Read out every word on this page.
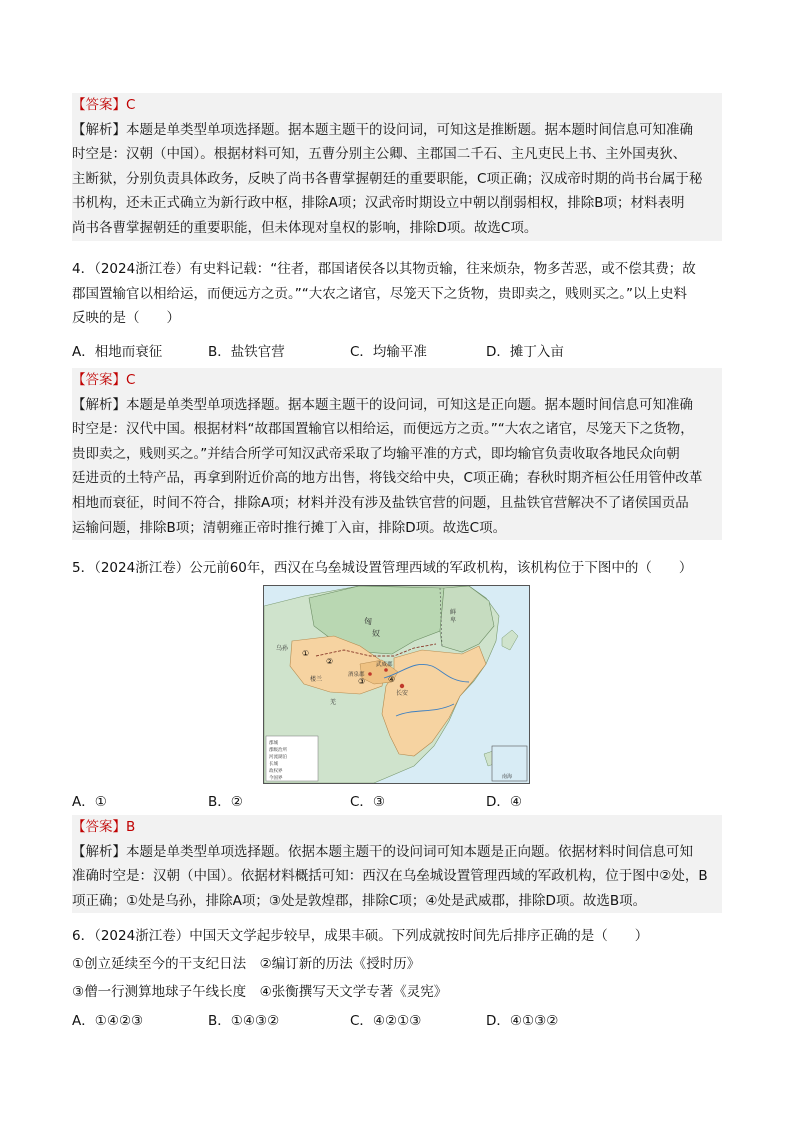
【答案】C
【解析】本题是单类型单项选择题。据本题主题干的设问词，可知这是推断题。据本题时间信息可知准确
时空是：汉朝（中国）。根据材料可知，五曹分别主公卿、主郡国二千石、主凡吏民上书、主外国夷狄、
主断狱，分别负责具体政务，反映了尚书各曹掌握朝廷的重要职能，C项正确；汉成帝时期的尚书台属于秘
书机构，还未正式确立为新行政中枢，排除A项；汉武帝时期设立中朝以削弱相权，排除B项；材料表明
尚书各曹掌握朝廷的重要职能，但未体现对皇权的影响，排除D项。故选C项。
4．（2024浙江卷）有史料记载：“往者，郡国诸侯各以其物贡输，往来烦杂，物多苦恶，或不偿其费；故
郡国置输官以相给运，而便远方之贡。”“大农之诸官，尽笼天下之货物，贵即卖之，贱则买之。”以上史料
反映的是（　　）
A．相地而衰征	B．盐铁官营	C．均输平准	D．摊丁入亩
【答案】C
【解析】本题是单类型单项选择题。据本题主题干的设问词，可知这是正向题。据本题时间信息可知准确
时空是：汉代中国。根据材料“故郡国置输官以相给运，而便远方之贡。”“大农之诸官，尽笼天下之货物，
贵即卖之，贱则买之。”并结合所学可知汉武帝采取了均输平准的方式，即均输官负责收取各地民众向朝
廷进贡的土特产品，再拿到附近价高的地方出售，将钱交给中央，C项正确；春秋时期齐桓公任用管仲改革
相地而衰征，时间不符合，排除A项；材料并没有涉及盐铁官营的问题，且盐铁官营解决不了诸侯国贡品
运输问题，排除B项；清朝雍正帝时推行摊丁入亩，排除D项。故选C项。
5．（2024浙江卷）公元前60年，西汉在乌垒城设置管理西域的军政机构，该机构位于下图中的（　　）
匈
奴
鲜
卑
乌孙
楼兰
酒泉郡
武威郡
长安
羌
南海
①
②
③	④
郡城
郡级治所
河流湖泊
长城
政权界
今国界
A．①	B．②	C．③	D．④
【答案】B
【解析】本题是单类型单项选择题。依据本题主题干的设问词可知本题是正向题。依据材料时间信息可知
准确时空是：汉朝（中国）。依据材料概括可知：西汉在乌垒城设置管理西域的军政机构，位于图中②处，B
项正确；①处是乌孙，排除A项；③处是敦煌郡，排除C项；④处是武威郡，排除D项。故选B项。
6．（2024浙江卷）中国天文学起步较早，成果丰硕。下列成就按时间先后排序正确的是（　　）
①创立延续至今的干支纪日法　②编订新的历法《授时历》
③僧一行测算地球子午线长度　④张衡撰写天文学专著《灵宪》
A．①④②③	B．①④③②	C．④②①③	D．④①③②
